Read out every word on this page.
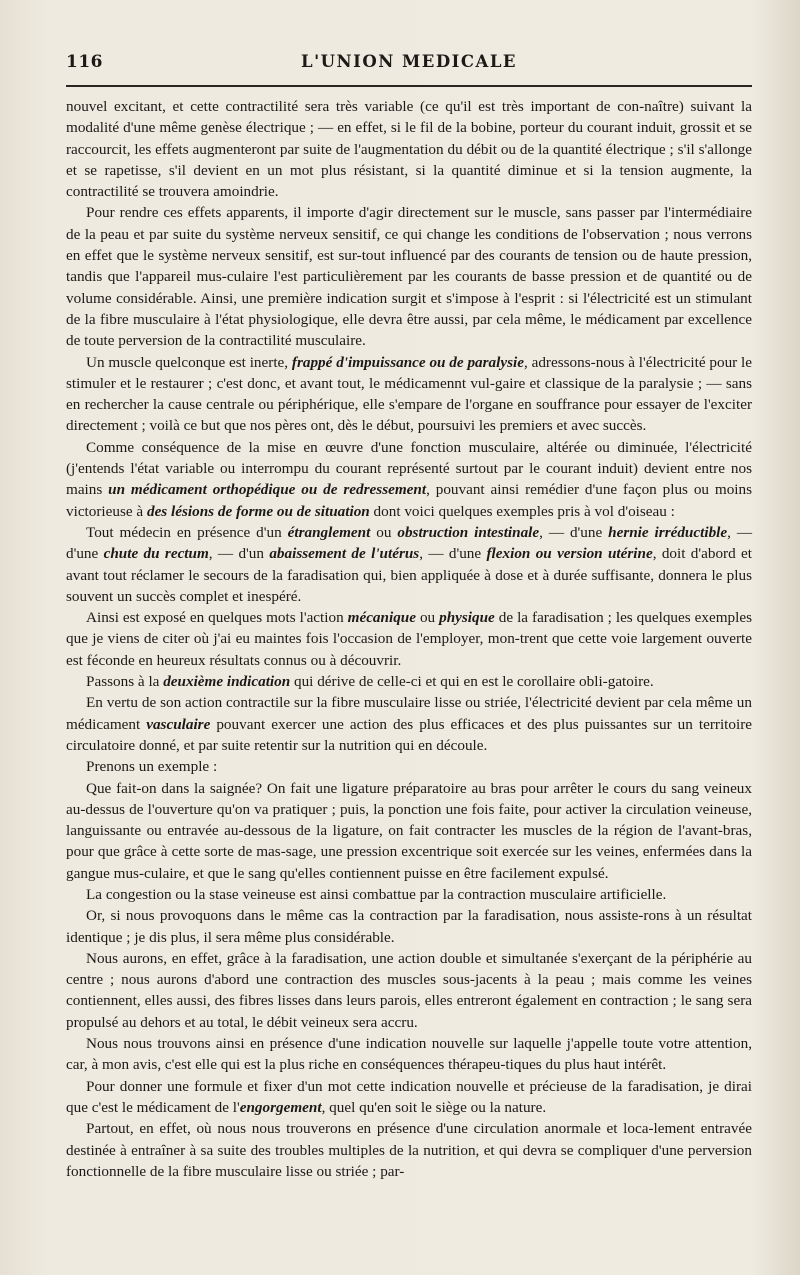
116	L'UNION MEDICALE

nouvel excitant, et cette contractilité sera très variable (ce qu'il est très important de con-naître) suivant la modalité d'une même genèse électrique ; — en effet, si le fil de la bobine, porteur du courant induit, grossit et se raccourcit, les effets augmenteront par suite de l'augmentation du débit ou de la quantité électrique ; s'il s'allonge et se rapetisse, s'il devient en un mot plus résistant, si la quantité diminue et si la tension augmente, la contractilité se trouvera amoindrie.

Pour rendre ces effets apparents, il importe d'agir directement sur le muscle, sans passer par l'intermédiaire de la peau et par suite du système nerveux sensitif, ce qui change les conditions de l'observation ; nous verrons en effet que le système nerveux sensitif, est sur-tout influencé par des courants de tension ou de haute pression, tandis que l'appareil mus-culaire l'est particulièrement par les courants de basse pression et de quantité ou de volume considérable. Ainsi, une première indication surgit et s'impose à l'esprit : si l'électricité est un stimulant de la fibre musculaire à l'état physiologique, elle devra être aussi, par cela même, le médicament par excellence de toute perversion de la contractilité musculaire.

Un muscle quelconque est inerte, frappé d'impuissance ou de paralysie, adressons-nous à l'électricité pour le stimuler et le restaurer ; c'est donc, et avant tout, le médicamennt vul-gaire et classique de la paralysie ; — sans en rechercher la cause centrale ou périphérique, elle s'empare de l'organe en souffrance pour essayer de l'exciter directement ; voilà ce but que nos pères ont, dès le début, poursuivi les premiers et avec succès.

Comme conséquence de la mise en œuvre d'une fonction musculaire, altérée ou diminuée, l'électricité (j'entends l'état variable ou interrompu du courant représenté surtout par le courant induit) devient entre nos mains un médicament orthopédique ou de redressement, pouvant ainsi remédier d'une façon plus ou moins victorieuse à des lésions de forme ou de situation dont voici quelques exemples pris à vol d'oiseau :

Tout médecin en présence d'un étranglement ou obstruction intestinale, — d'une hernie irréductible, — d'une chute du rectum, — d'un abaissement de l'utérus, — d'une flexion ou version utérine, doit d'abord et avant tout réclamer le secours de la faradisation qui, bien appliquée à dose et à durée suffisante, donnera le plus souvent un succès complet et inespéré.

Ainsi est exposé en quelques mots l'action mécanique ou physique de la faradisation ; les quelques exemples que je viens de citer où j'ai eu maintes fois l'occasion de l'employer, mon-trent que cette voie largement ouverte est féconde en heureux résultats connus ou à découvrir.

Passons à la deuxième indication qui dérive de celle-ci et qui en est le corollaire obli-gatoire.

En vertu de son action contractile sur la fibre musculaire lisse ou striée, l'électricité devient par cela même un médicament vasculaire pouvant exercer une action des plus efficaces et des plus puissantes sur un territoire circulatoire donné, et par suite retentir sur la nutrition qui en découle.

Prenons un exemple :

Que fait-on dans la saignée? On fait une ligature préparatoire au bras pour arrêter le cours du sang veineux au-dessus de l'ouverture qu'on va pratiquer ; puis, la ponction une fois faite, pour activer la circulation veineuse, languissante ou entravée au-dessous de la ligature, on fait contracter les muscles de la région de l'avant-bras, pour que grâce à cette sorte de mas-sage, une pression excentrique soit exercée sur les veines, enfermées dans la gangue mus-culaire, et que le sang qu'elles contiennent puisse en être facilement expulsé.

La congestion ou la stase veineuse est ainsi combattue par la contraction musculaire artificielle.

Or, si nous provoquons dans le même cas la contraction par la faradisation, nous assiste-rons à un résultat identique ; je dis plus, il sera même plus considérable.

Nous aurons, en effet, grâce à la faradisation, une action double et simultanée s'exerçant de la périphérie au centre ; nous aurons d'abord une contraction des muscles sous-jacents à la peau ; mais comme les veines contiennent, elles aussi, des fibres lisses dans leurs parois, elles entreront également en contraction ; le sang sera propulsé au dehors et au total, le débit veineux sera accru.

Nous nous trouvons ainsi en présence d'une indication nouvelle sur laquelle j'appelle toute votre attention, car, à mon avis, c'est elle qui est la plus riche en conséquences thérapeu-tiques du plus haut intérêt.

Pour donner une formule et fixer d'un mot cette indication nouvelle et précieuse de la faradisation, je dirai que c'est le médicament de l'engorgement, quel qu'en soit le siège ou la nature.

Partout, en effet, où nous nous trouverons en présence d'une circulation anormale et loca-lement entravée destinée à entraîner à sa suite des troubles multiples de la nutrition, et qui devra se compliquer d'une perversion fonctionnelle de la fibre musculaire lisse ou striée ; par-
